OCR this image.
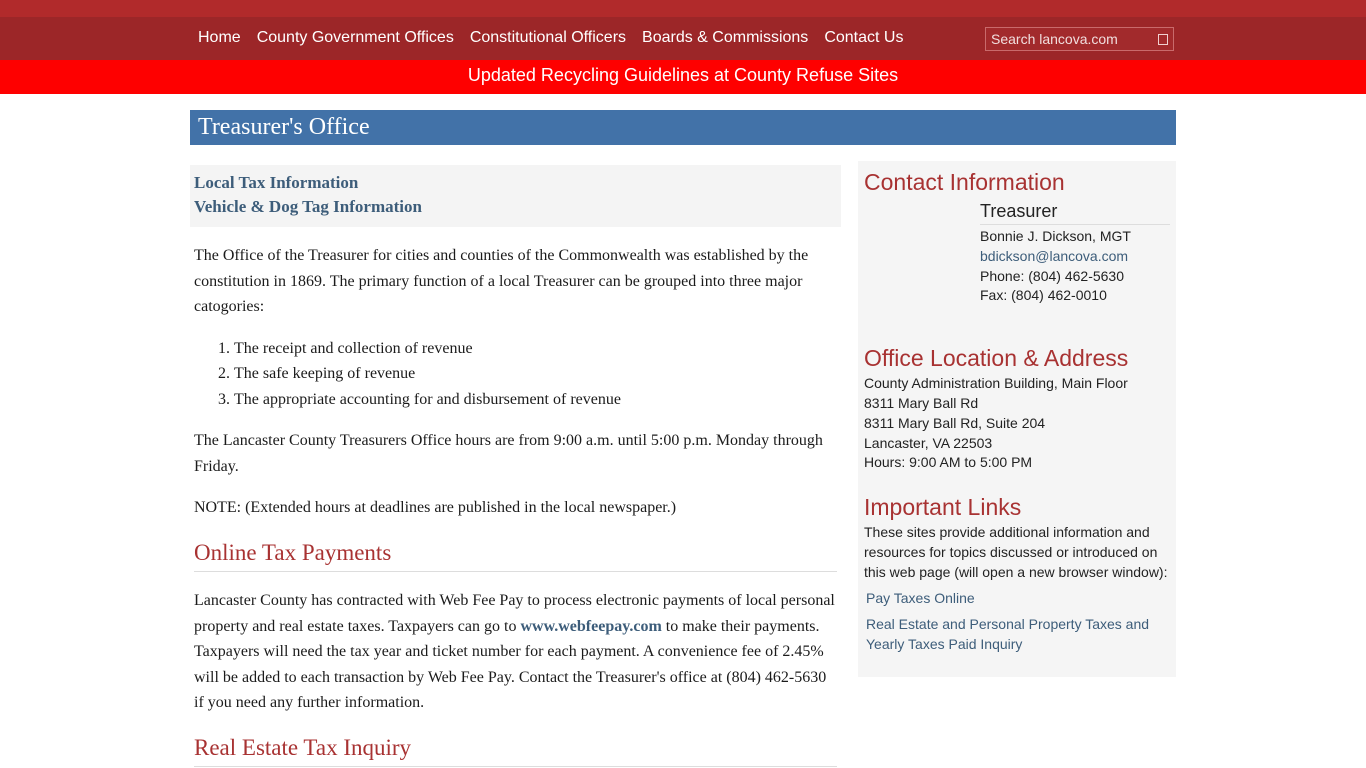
Home County Government Offices Constitutional Officers Boards & Commissions Contact Us
Search lancova.com
Updated Recycling Guidelines at County Refuse Sites
Treasurer's Office
Local Tax Information
Vehicle & Dog Tag Information

The Office of the Treasurer for cities and counties of the Commonwealth was established by the constitution in 1869. The primary function of a local Treasurer can be grouped into three major catogories:

1. The receipt and collection of revenue
2. The safe keeping of revenue
3. The appropriate accounting for and disbursement of revenue

The Lancaster County Treasurers Office hours are from 9:00 a.m. until 5:00 p.m. Monday through Friday.

NOTE: (Extended hours at deadlines are published in the local newspaper.)

Online Tax Payments

Lancaster County has contracted with Web Fee Pay to process electronic payments of local personal property and real estate taxes. Taxpayers can go to www.webfeepay.com to make their payments. Taxpayers will need the tax year and ticket number for each payment. A convenience fee of 2.45% will be added to each transaction by Web Fee Pay. Contact the Treasurer's office at (804) 462-5630 if you need any further information.

Real Estate Tax Inquiry
Contact Information
Treasurer
Bonnie J. Dickson, MGT
bdickson@lancova.com
Phone: (804) 462-5630
Fax: (804) 462-0010
Office Location & Address
County Administration Building, Main Floor
8311 Mary Ball Rd
8311 Mary Ball Rd, Suite 204
Lancaster, VA 22503
Hours: 9:00 AM to 5:00 PM
Important Links
These sites provide additional information and resources for topics discussed or introduced on this web page (will open a new browser window):
Pay Taxes Online
Real Estate and Personal Property Taxes and Yearly Taxes Paid Inquiry
